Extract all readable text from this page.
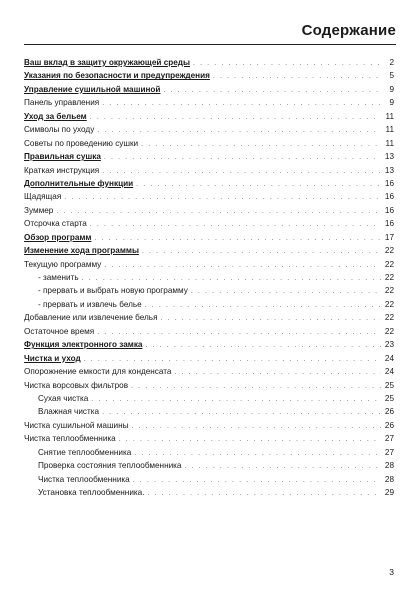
Содержание
Ваш вклад в защиту окружающей среды . . .	2
Указания по безопасности и предупреждения . . .	5
Управление сушильной машиной . . .	9
Панель управления . . .	9
Уход за бельем . . .	11
Символы по уходу . . .	11
Советы по проведению сушки . . .	11
Правильная сушка . . .	13
Краткая инструкция . . .	13
Дополнительные функции . . .	16
Щадящая . . .	16
Зуммер . . .	16
Отсрочка старта . . .	16
Обзор программ . . .	17
Изменение хода программы . . .	22
Текущую программу . . .	22
- заменить . . .	22
- прервать и выбрать новую программу . . .	22
- прервать и извлечь белье . . .	22
Добавление или извлечение белья . . .	22
Остаточное время . . .	22
Функция электронного замка . . .	23
Чистка и уход . . .	24
Опорожнение емкости для конденсата . . .	24
Чистка ворсовых фильтров . . .	25
Сухая чистка . . .	25
Влажная чистка . . .	26
Чистка сушильной машины . . .	26
Чистка теплообменника . . .	27
Снятие теплообменника . . .	27
Проверка состояния теплообменника . . .	28
Чистка теплообменника . . .	28
Установка теплообменника. . . .	29
3
